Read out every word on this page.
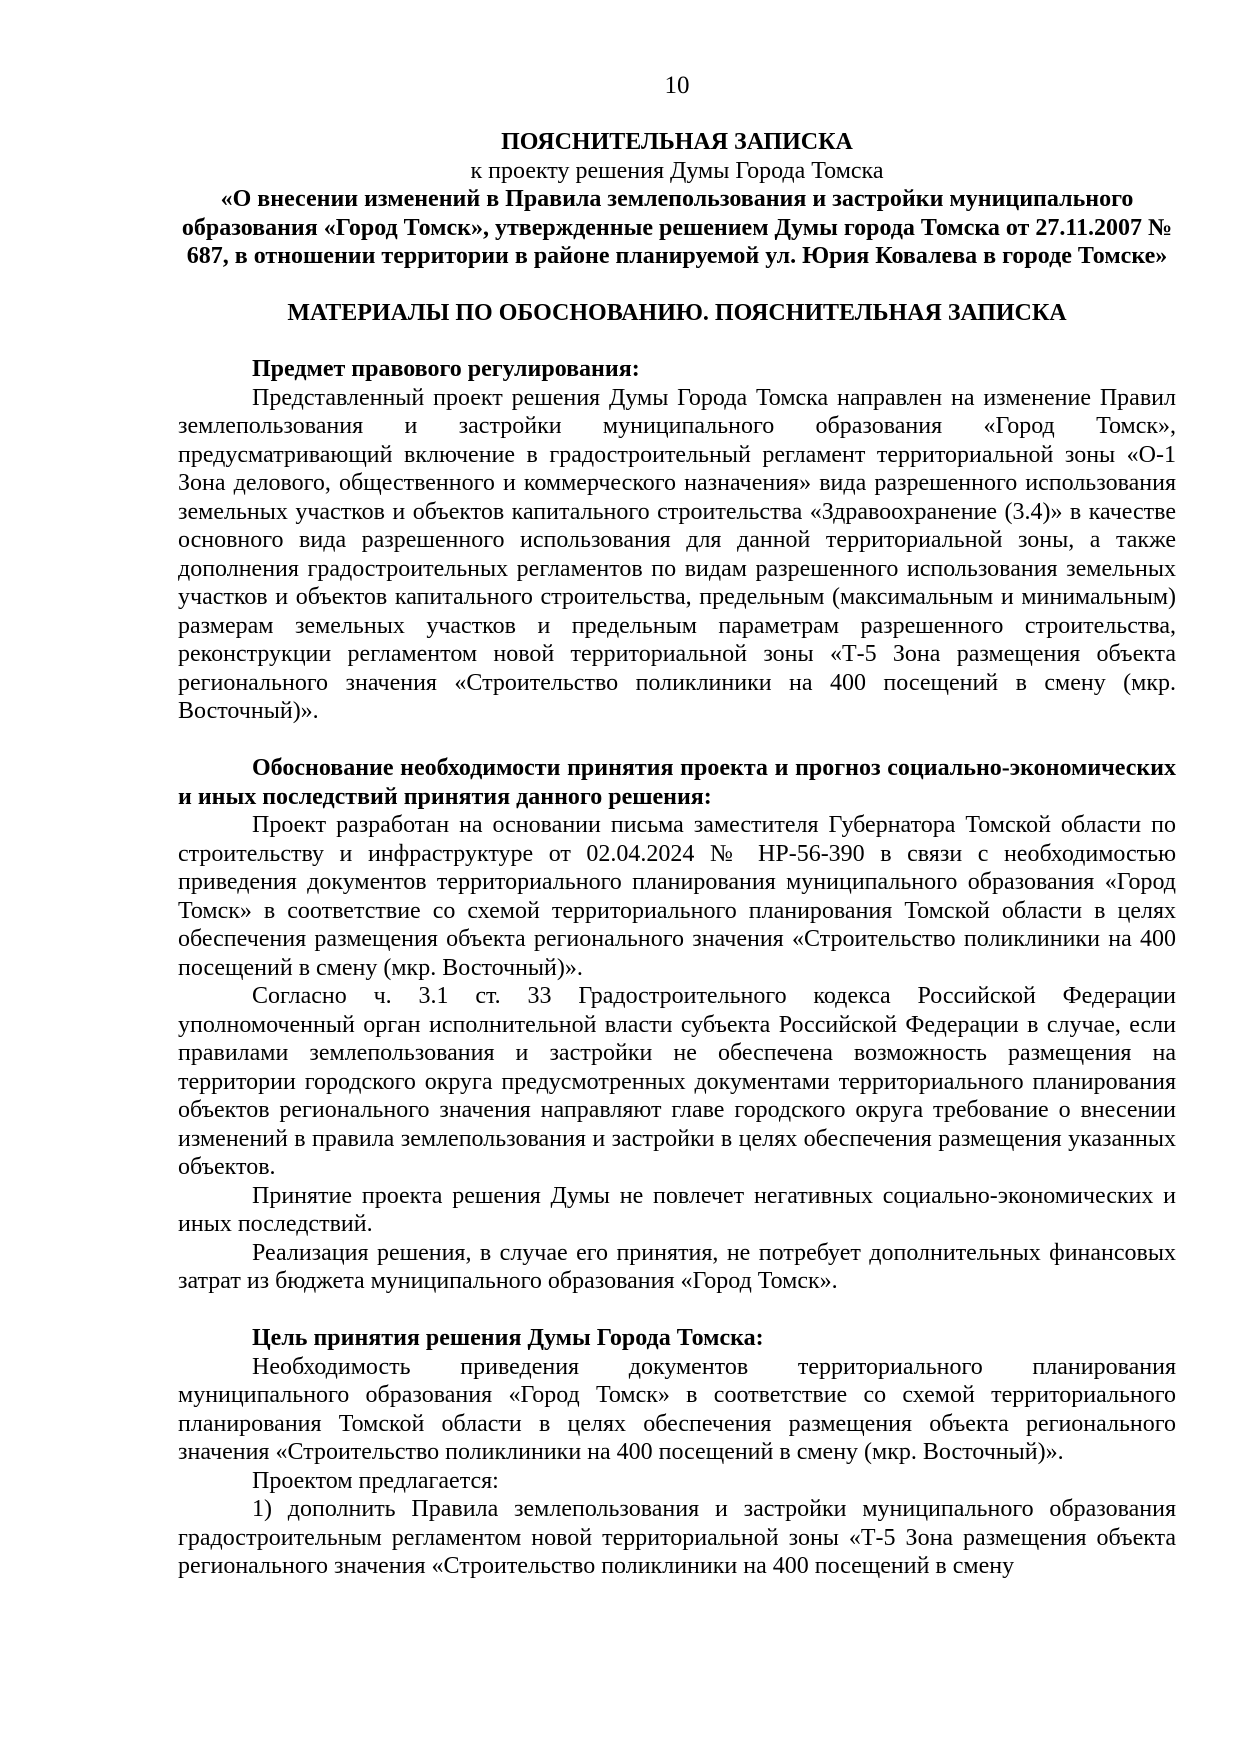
10
ПОЯСНИТЕЛЬНАЯ ЗАПИСКА
к проекту решения Думы Города Томска
«О внесении изменений в Правила землепользования и застройки муниципального образования «Город Томск», утвержденные решением Думы города Томска от 27.11.2007 № 687, в отношении территории в районе планируемой ул. Юрия Ковалева в городе Томске»
МАТЕРИАЛЫ ПО ОБОСНОВАНИЮ. ПОЯСНИТЕЛЬНАЯ ЗАПИСКА

Предмет правового регулирования:

Представленный проект решения Думы Города Томска направлен на изменение Правил землепользования и застройки муниципального образования «Город Томск», предусматривающий включение в градостроительный регламент территориальной зоны «О-1 Зона делового, общественного и коммерческого назначения» вида разрешенного использования земельных участков и объектов капитального строительства «Здравоохранение (3.4)» в качестве основного вида разрешенного использования для данной территориальной зоны, а также дополнения градостроительных регламентов по видам разрешенного использования земельных участков и объектов капитального строительства, предельным (максимальным и минимальным) размерам земельных участков и предельным параметрам разрешенного строительства, реконструкции регламентом новой территориальной зоны «Т-5 Зона размещения объекта регионального значения «Строительство поликлиники на 400 посещений в смену (мкр. Восточный)».

Обоснование необходимости принятия проекта и прогноз социально-экономических и иных последствий принятия данного решения:

Проект разработан на основании письма заместителя Губернатора Томской области по строительству и инфраструктуре от 02.04.2024 № НР-56-390 в связи с необходимостью приведения документов территориального планирования муниципального образования «Город Томск» в соответствие со схемой территориального планирования Томской области в целях обеспечения размещения объекта регионального значения «Строительство поликлиники на 400 посещений в смену (мкр. Восточный)».

Согласно ч. 3.1 ст. 33 Градостроительного кодекса Российской Федерации уполномоченный орган исполнительной власти субъекта Российской Федерации в случае, если правилами землепользования и застройки не обеспечена возможность размещения на территории городского округа предусмотренных документами территориального планирования объектов регионального значения направляют главе городского округа требование о внесении изменений в правила землепользования и застройки в целях обеспечения размещения указанных объектов.

Принятие проекта решения Думы не повлечет негативных социально-экономических и иных последствий.

Реализация решения, в случае его принятия, не потребует дополнительных финансовых затрат из бюджета муниципального образования «Город Томск».

Цель принятия решения Думы Города Томска:

Необходимость приведения документов территориального планирования муниципального образования «Город Томск» в соответствие со схемой территориального планирования Томской области в целях обеспечения размещения объекта регионального значения «Строительство поликлиники на 400 посещений в смену (мкр. Восточный)».

Проектом предлагается:

1) дополнить Правила землепользования и застройки муниципального образования градостроительным регламентом новой территориальной зоны «Т-5 Зона размещения объекта регионального значения «Строительство поликлиники на 400 посещений в смену
